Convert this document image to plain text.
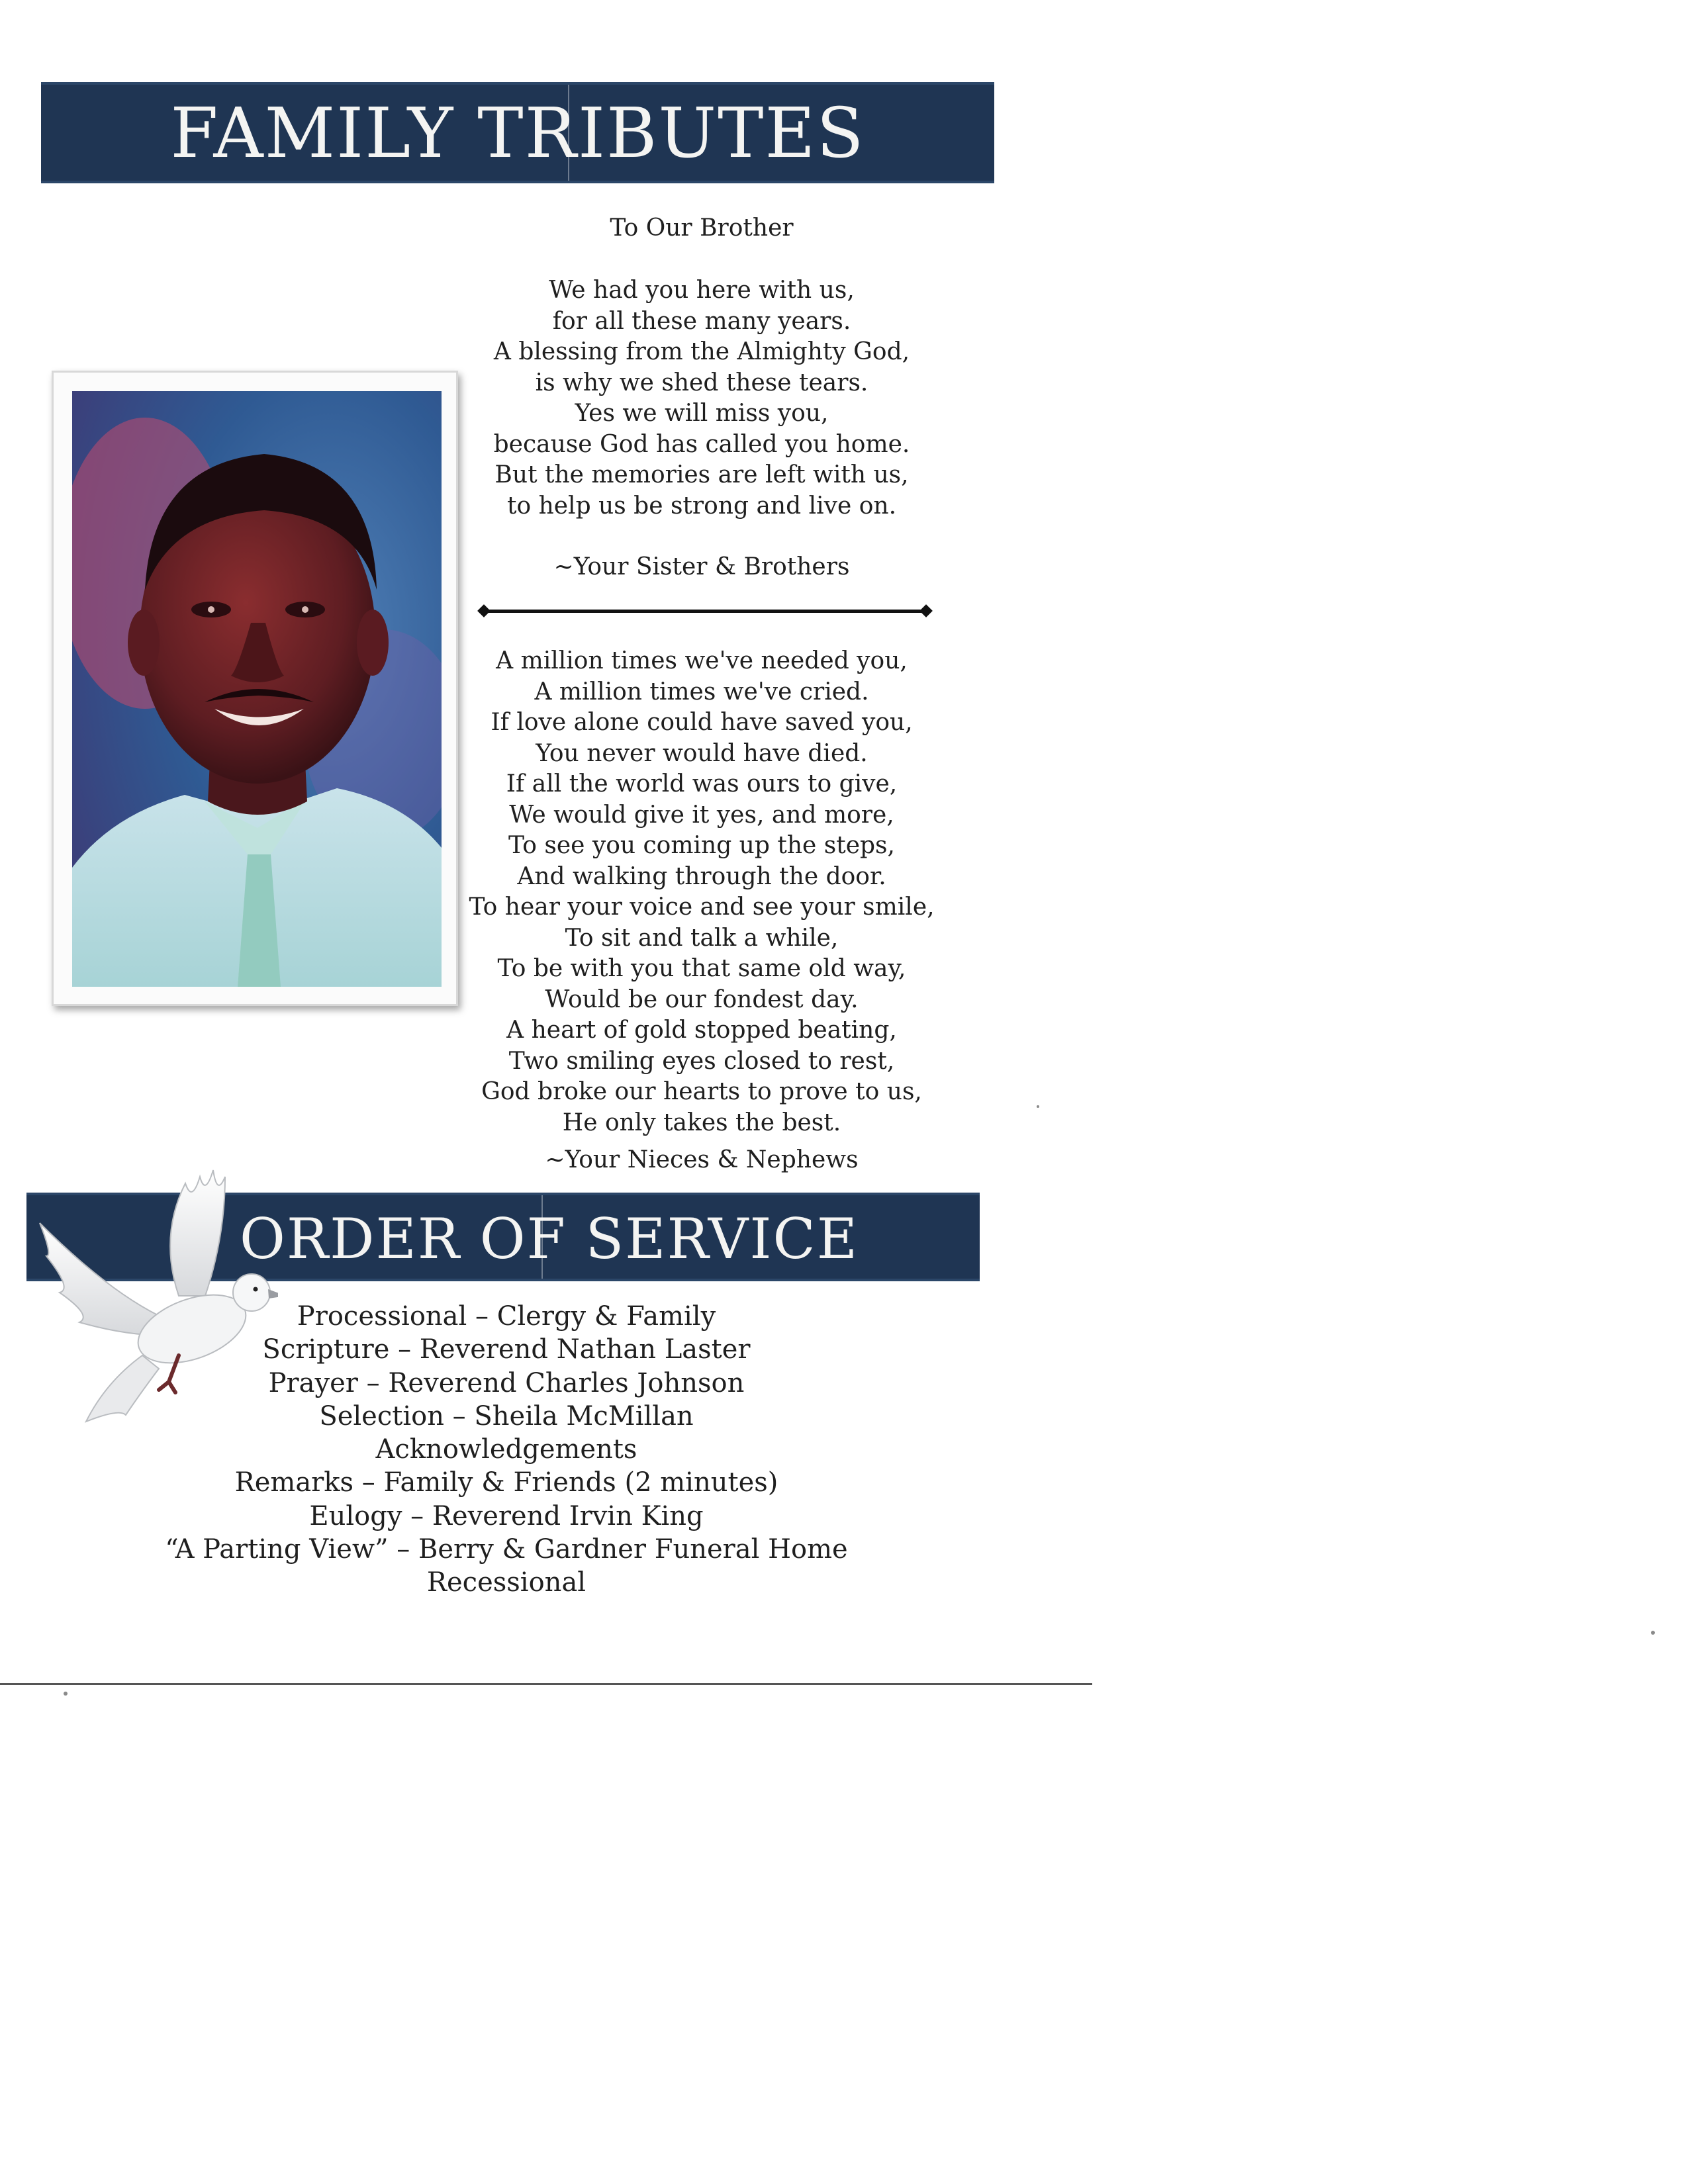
FAMILY TRIBUTES
To Our Brother
We had you here with us,
for all these many years.
A blessing from the Almighty God,
is why we shed these tears.
Yes we will miss you,
because God has called you home.
But the memories are left with us,
to help us be strong and live on.
~Your Sister & Brothers
A million times we've needed you,
A million times we've cried.
If love alone could have saved you,
You never would have died.
If all the world was ours to give,
We would give it yes, and more,
To see you coming up the steps,
And walking through the door.
To hear your voice and see your smile,
To sit and talk a while,
To be with you that same old way,
Would be our fondest day.
A heart of gold stopped beating,
Two smiling eyes closed to rest,
God broke our hearts to prove to us,
He only takes the best.
~Your Nieces & Nephews
ORDER OF SERVICE
Processional – Clergy & Family
Scripture – Reverend Nathan Laster
Prayer – Reverend Charles Johnson
Selection – Sheila McMillan
Acknowledgements
Remarks – Family & Friends (2 minutes)
Eulogy – Reverend Irvin King
“A Parting View” – Berry & Gardner Funeral Home
Recessional
